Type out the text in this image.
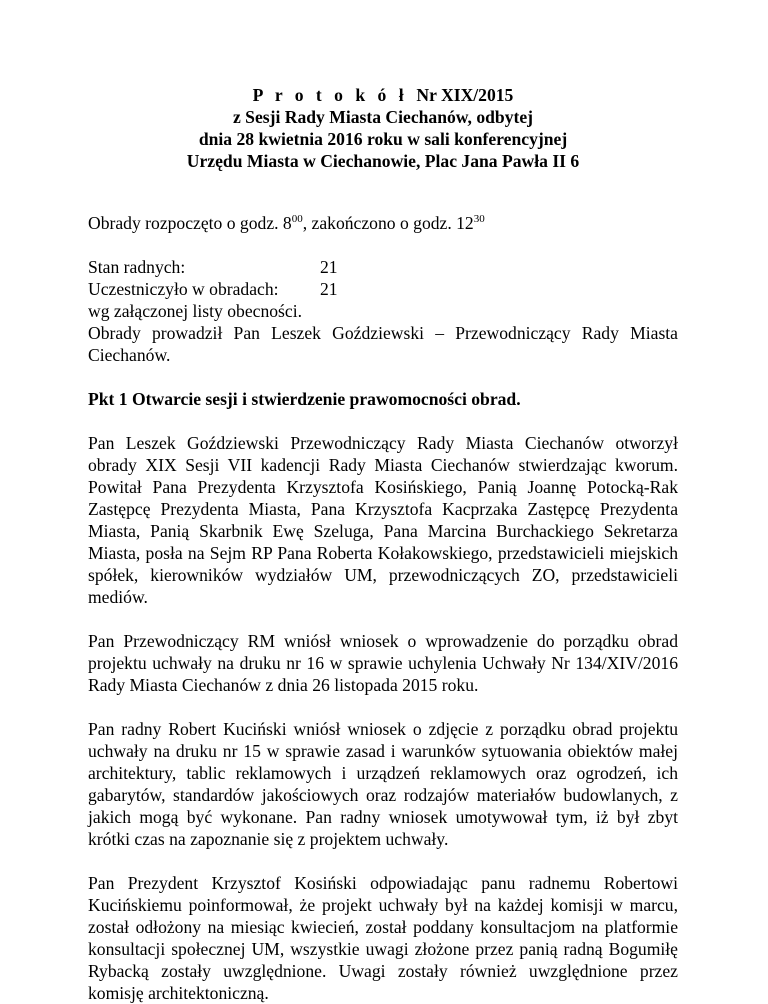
P r o t o k ó ł Nr XIX/2015
z Sesji Rady Miasta Ciechanów, odbytej
dnia 28 kwietnia 2016 roku w sali konferencyjnej
Urzędu Miasta w Ciechanowie, Plac Jana Pawła II 6

Obrady rozpoczęto o godz. $8^{00}$, zakończono o godz. $12^{30}$

Stan radnych:	21
Uczestniczyło w obradach:	21

wg załączonej listy obecności.

Obrady prowadził Pan Leszek Goździewski – Przewodniczący Rady Miasta Ciechanów.

Pkt 1 Otwarcie sesji i stwierdzenie prawomocności obrad.

Pan Leszek Goździewski Przewodniczący Rady Miasta Ciechanów otworzył obrady XIX Sesji VII kadencji Rady Miasta Ciechanów stwierdzając kworum. Powitał Pana Prezydenta Krzysztofa Kosińskiego, Panią Joannę Potocką-Rak Zastępcę Prezydenta Miasta, Pana Krzysztofa Kacprzaka Zastępcę Prezydenta Miasta, Panią Skarbnik Ewę Szeluga, Pana Marcina Burchackiego Sekretarza Miasta, posła na Sejm RP Pana Roberta Kołakowskiego, przedstawicieli miejskich spółek, kierowników wydziałów UM, przewodniczących ZO, przedstawicieli mediów.

Pan Przewodniczący RM wniósł wniosek o wprowadzenie do porządku obrad projektu uchwały na druku nr 16 w sprawie uchylenia Uchwały Nr 134/XIV/2016 Rady Miasta Ciechanów z dnia 26 listopada 2015 roku.

Pan radny Robert Kuciński wniósł wniosek o zdjęcie z porządku obrad projektu uchwały na druku nr 15 w sprawie zasad i warunków sytuowania obiektów małej architektury, tablic reklamowych i urządzeń reklamowych oraz ogrodzeń, ich gabarytów, standardów jakościowych oraz rodzajów materiałów budowlanych, z jakich mogą być wykonane. Pan radny wniosek umotywował tym, iż był zbyt krótki czas na zapoznanie się z projektem uchwały.

Pan Prezydent Krzysztof Kosiński odpowiadając panu radnemu Robertowi Kucińskiemu poinformował, że projekt uchwały był na każdej komisji w marcu, został odłożony na miesiąc kwiecień, został poddany konsultacjom na platformie konsultacji społecznej UM, wszystkie uwagi złożone przez panią radną Bogumiłę Rybacką zostały uwzględnione. Uwagi zostały również uwzględnione przez komisję architektoniczną.
